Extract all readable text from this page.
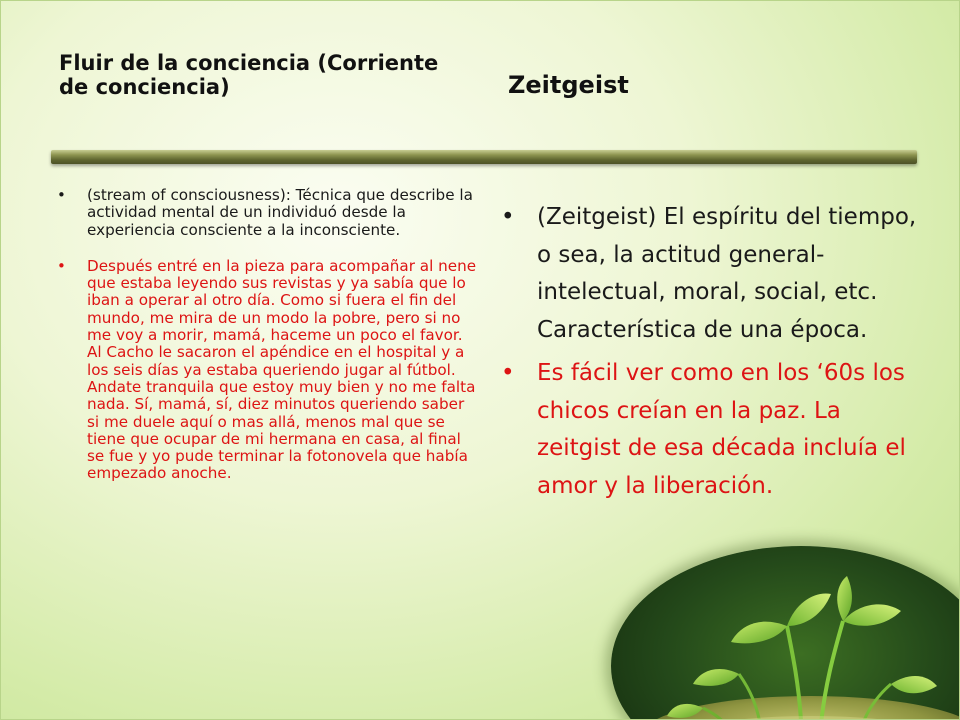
Fluir de la conciencia (Corriente de conciencia)	Zeitgeist
• (stream of consciousness): Técnica que describe la actividad mental de un individuó desde la experiencia consciente a la inconsciente.
• Después entré en la pieza para acompañar al nene que estaba leyendo sus revistas y ya sabía que lo iban a operar al otro día. Como si fuera el fin del mundo, me mira de un modo la pobre, pero si no me voy a morir, mamá, haceme un poco el favor. Al Cacho le sacaron el apéndice en el hospital y a los seis días ya estaba queriendo jugar al fútbol. Andate tranquila que estoy muy bien y no me falta nada. Sí, mamá, sí, diez minutos queriendo saber si me duele aquí o mas allá, menos mal que se tiene que ocupar de mi hermana en casa, al final se fue y yo pude terminar la fotonovela que había empezado anoche.
• (Zeitgeist) El espíritu del tiempo, o sea, la actitud general- intelectual, moral, social, etc. Característica de una época.
• Es fácil ver como en los ‘60s los chicos creían en la paz. La zeitgist de esa década incluía el amor y la liberación.
